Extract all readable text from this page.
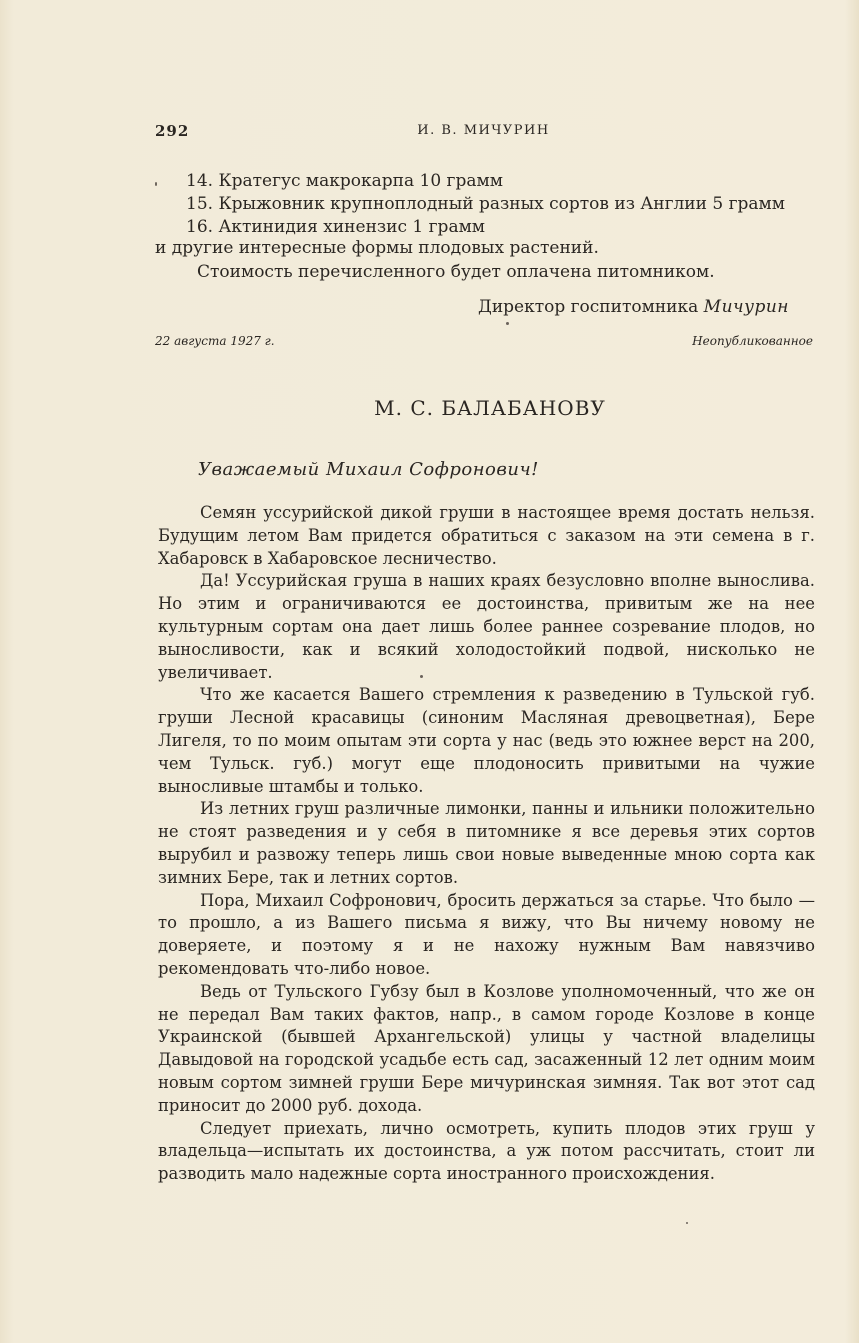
292	И. В. МИЧУРИН
14. Кратегус макрокарпа 10 грамм
15. Крыжовник крупноплодный разных сортов из Англии 5 грамм
16. Актинидия хинензис 1 грамм
и другие интересные формы плодовых растений.
Стоимость перечисленного будет оплачена питомником.
Директор госпитомника Мичурин
22 августа 1927 г.	Неопубликованное
М. С. БАЛАБАНОВУ
Уважаемый Михаил Софронович!

Семян уссурийской дикой груши в настоящее время достать нельзя. Будущим летом Вам придется обратиться с заказом на эти семена в г. Хабаровск в Хабаровское лесничество.

Да! Уссурийская груша в наших краях безусловно вполне вынослива. Но этим и ограничиваются ее достоинства, привитым же на нее культурным сортам она дает лишь более раннее созревание плодов, но выносливости, как и всякий холодостойкий подвой, нисколько не увеличивает.

Что же касается Вашего стремления к разведению в Тульской губ. груши Лесной красавицы (синоним Масляная древоцветная), Бере Лигеля, то по моим опытам эти сорта у нас (ведь это южнее верст на 200, чем Тульск. губ.) могут еще плодоносить привитыми на чужие выносливые штамбы и только.

Из летних груш различные лимонки, панны и ильники положительно не стоят разведения и у себя в питомнике я все деревья этих сортов вырубил и развожу теперь лишь свои новые выведенные мною сорта как зимних Бере, так и летних сортов.

Пора, Михаил Софронович, бросить держаться за старье. Что было — то прошло, а из Вашего письма я вижу, что Вы ничему новому не доверяете, и поэтому я и не нахожу нужным Вам навязчиво рекомендовать что-либо новое.

Ведь от Тульского Губзу был в Козлове уполномоченный, что же он не передал Вам таких фактов, напр., в самом городе Козлове в конце Украинской (бывшей Архангельской) улицы у частной владелицы Давыдовой на городской усадьбе есть сад, засаженный 12 лет одним моим новым сортом зимней груши Бере мичуринская зимняя. Так вот этот сад приносит до 2000 руб. дохода.

Следует приехать, лично осмотреть, купить плодов этих груш у владельца—испытать их достоинства, а уж потом рассчитать, стоит ли разводить мало надежные сорта иностранного происхождения.
